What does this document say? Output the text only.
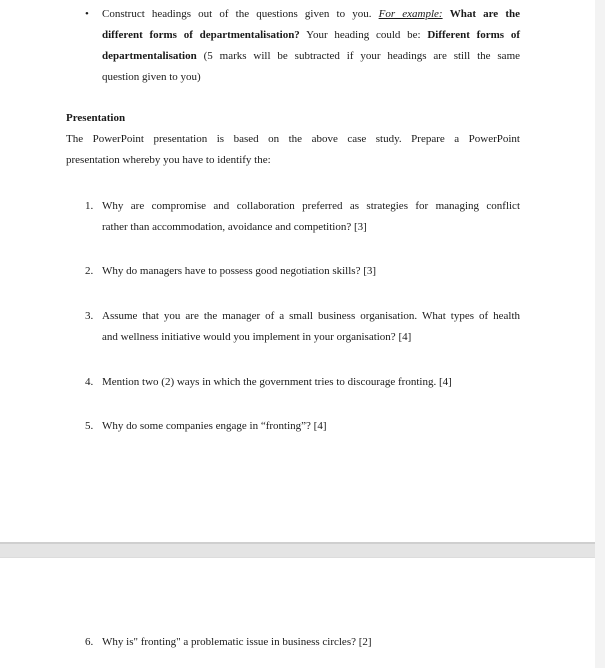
• Construct headings out of the questions given to you. For example: What are the
different forms of departmentalisation? Your heading could be: Different forms of
departmentalisation (5 marks will be subtracted if your headings are still the same
question given to you)
Presentation
The PowerPoint presentation is based on the above case study. Prepare a PowerPoint
presentation whereby you have to identify the:
1. Why are compromise and collaboration preferred as strategies for managing conflict
rather than accommodation, avoidance and competition? [3]
2. Why do managers have to possess good negotiation skills? [3]
3. Assume that you are the manager of a small business organisation. What types of health
and wellness initiative would you implement in your organisation? [4]
4. Mention two (2) ways in which the government tries to discourage fronting. [4]
5. Why do some companies engage in “fronting”? [4]
6. Why is" fronting" a problematic issue in business circles? [2]
